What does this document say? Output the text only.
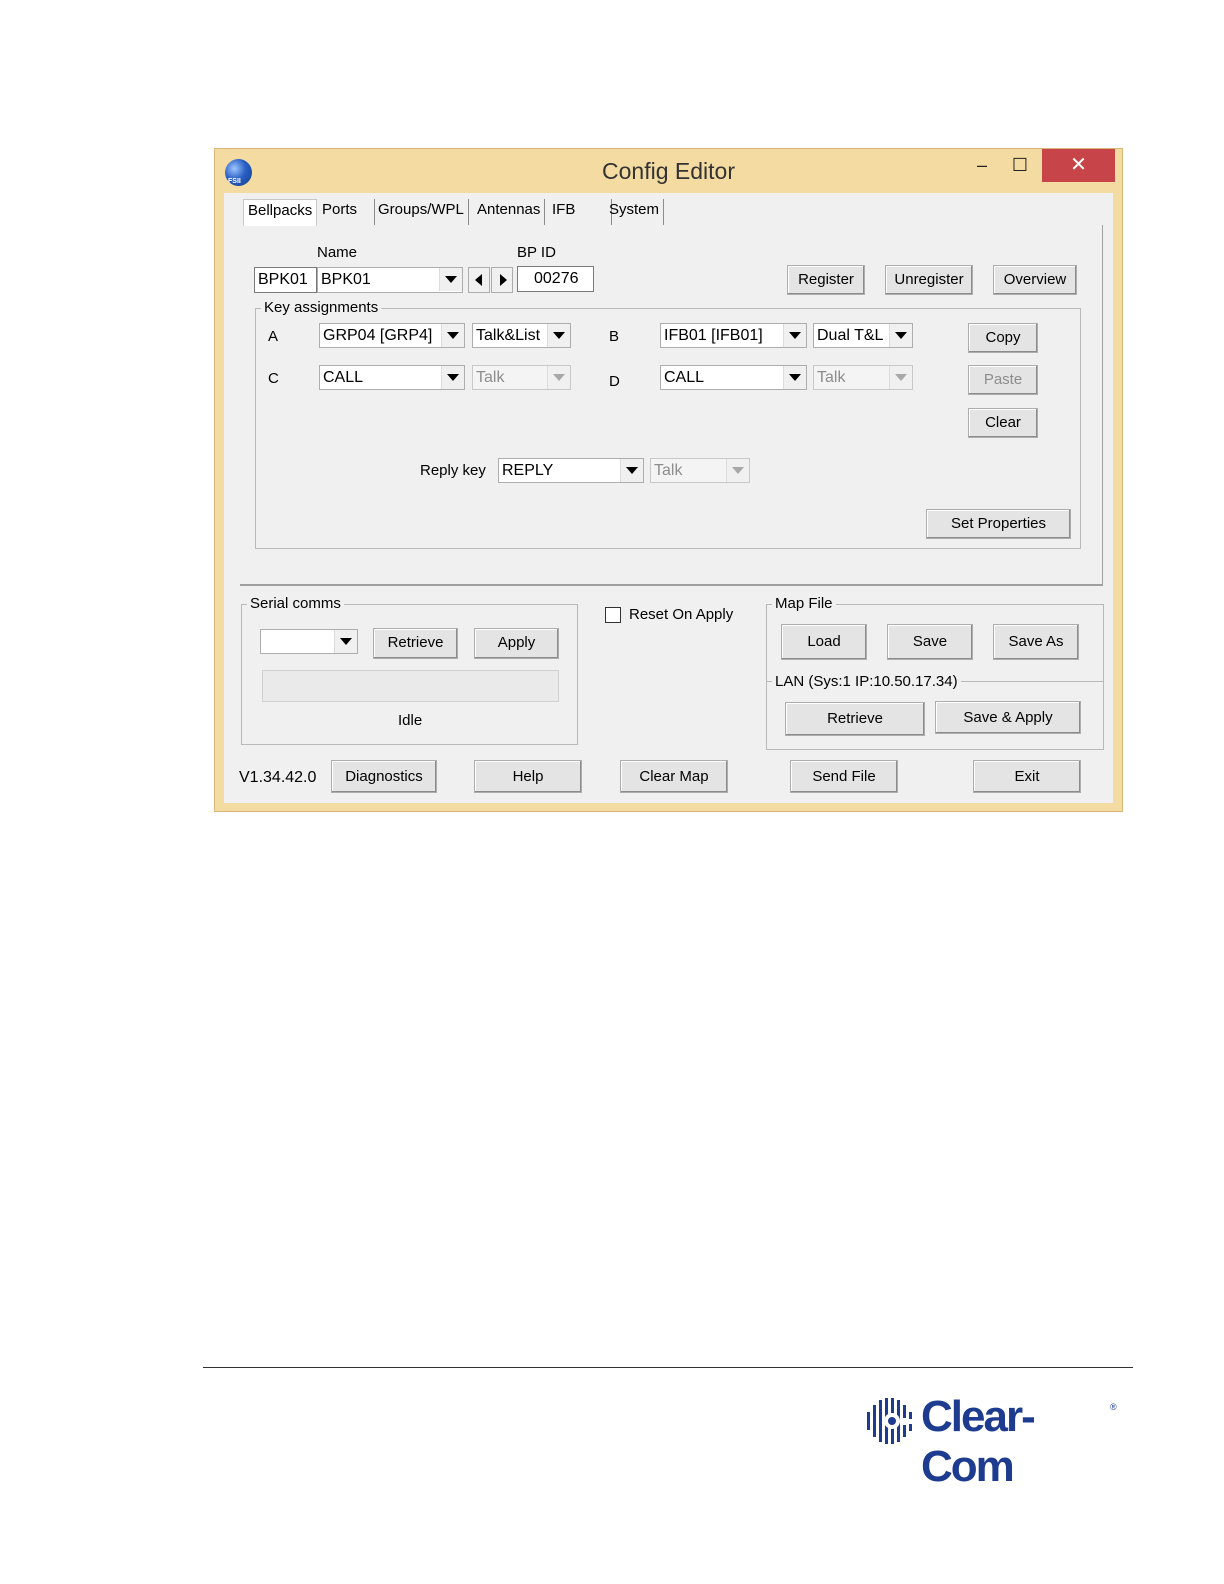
FSII	Config Editor	–	☐	✕
Bellpacks Ports	Groups/WPL Antennas IFB	System
Name	BP ID
BPK01 BPK01	00276	Register	Unregister	Overview
Key assignments
A	GRP04 [GRP4]	Talk&List	B	IFB01 [IFB01]	Dual T&L
C	CALL	Talk	D	CALL	Talk
Copy
Paste
Clear
Reply key REPLY	Talk
Set Properties
Serial comms
Retrieve	Apply
Idle
Reset On Apply
Map File
Load	Save	Save As
LAN (Sys:1 IP:10.50.17.34)
Retrieve	Save & Apply
V1.34.42.0	Diagnostics	Help	Clear Map	Send File	Exit
Clear-Com
®
